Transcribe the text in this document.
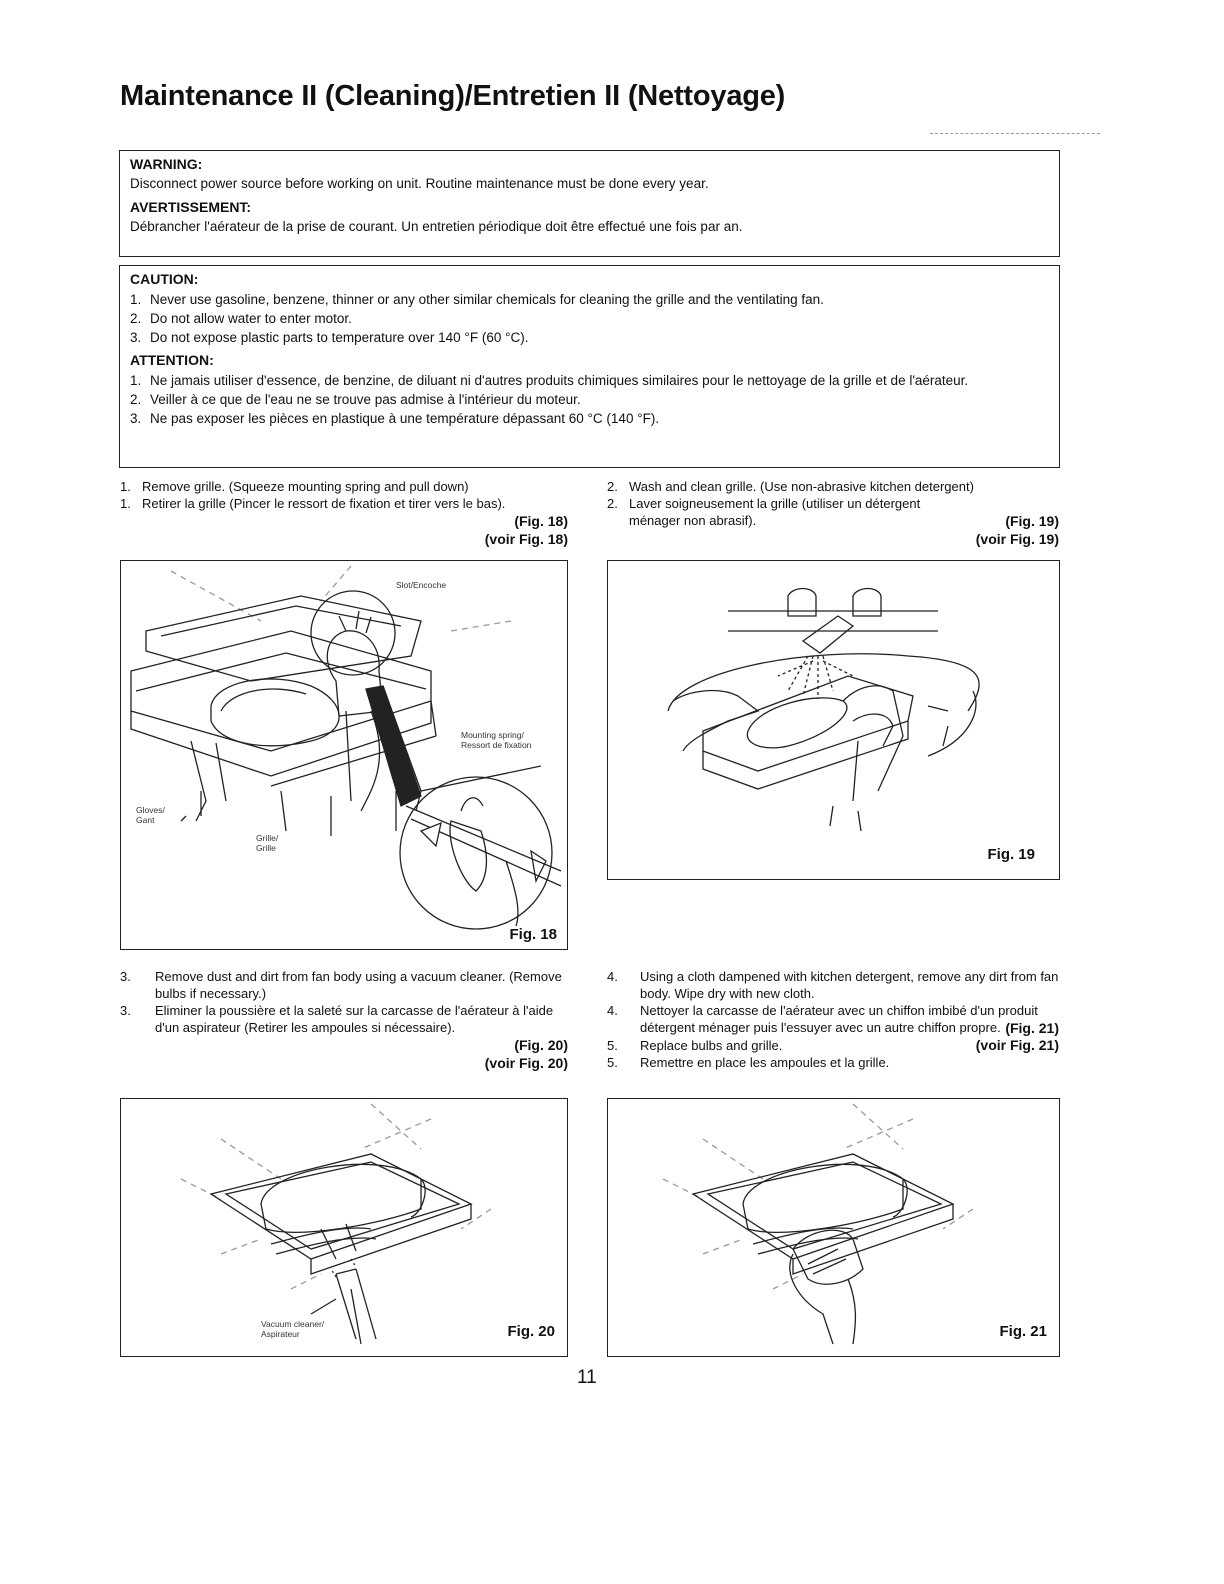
Maintenance II (Cleaning)/Entretien II (Nettoyage)
WARNING:
Disconnect power source before working on unit. Routine maintenance must be done every year.
AVERTISSEMENT:
Débrancher l'aérateur de la prise de courant. Un entretien périodique doit être effectué une fois par an.
CAUTION:
1. Never use gasoline, benzene, thinner or any other similar chemicals for cleaning the grille and the ventilating fan.
2. Do not allow water to enter motor.
3. Do not expose plastic parts to temperature over 140 °F (60 °C).
ATTENTION:
1. Ne jamais utiliser d'essence, de benzine, de diluant ni d'autres produits chimiques similaires pour le nettoyage de la grille et de l'aérateur.
2. Veiller à ce que de l'eau ne se trouve pas admise à l'intérieur du moteur.
3. Ne pas exposer les pièces en plastique à une température dépassant 60 °C (140 °F).
1. Remove grille. (Squeeze mounting spring and pull down)
1. Retirer la grille (Pincer le ressort de fixation et tirer vers le bas).
(Fig. 18)
(voir Fig. 18)
2. Wash and clean grille. (Use non-abrasive kitchen detergent)
2. Laver soigneusement la grille (utiliser un détergent ménager non abrasif).	(Fig. 19)
(voir Fig. 19)
Slot/Encoche
Mounting spring/
Ressort de fixation
Gloves/
Gant
Grille/
Grille
Fig. 18
Fig. 19
3. Remove dust and dirt from fan body using a vacuum cleaner. (Remove bulbs if necessary.)
3. Eliminer la poussière et la saleté sur la carcasse de l'aérateur à l'aide d'un aspirateur (Retirer les ampoules si nécessaire).
(Fig. 20)
(voir Fig. 20)
4. Using a cloth dampened with kitchen detergent, remove any dirt from fan body. Wipe dry with new cloth.
4. Nettoyer la carcasse de l'aérateur avec un chiffon imbibé d'un produit détergent ménager puis l'essuyer avec un autre chiffon propre. (Fig. 21)
5. Replace bulbs and grille.	(voir Fig. 21)
5. Remettre en place les ampoules et la grille.
Vacuum cleaner/
Aspirateur	Fig. 20	Fig. 21
11
